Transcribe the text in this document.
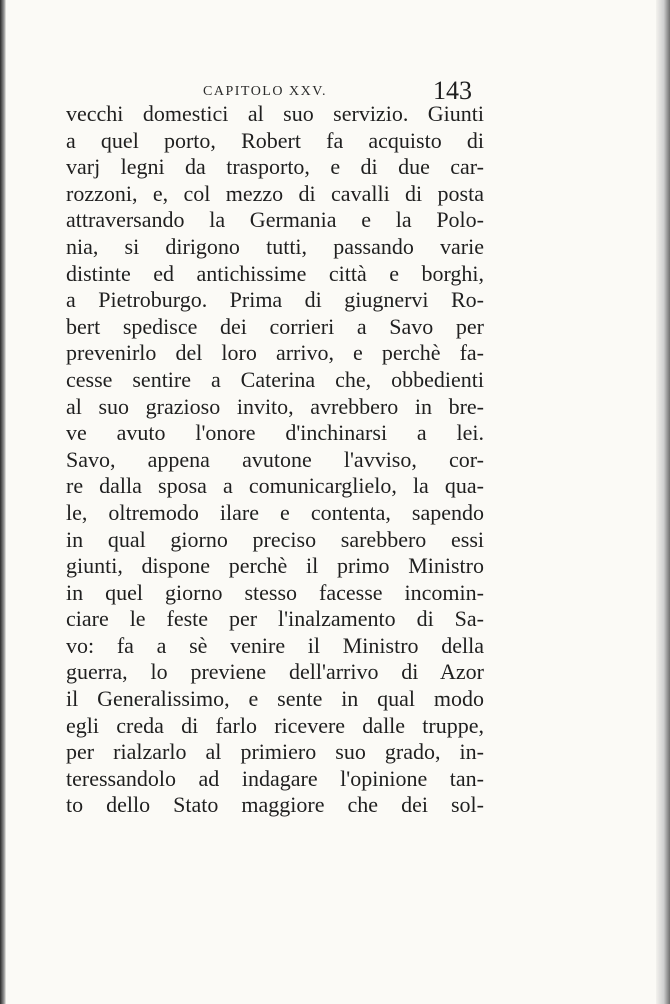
CAPITOLO XXV.	143
vecchi domestici al suo servizio. Giunti
a quel porto, Robert fa acquisto di
varj legni da trasporto, e di due car-
rozzoni, e, col mezzo di cavalli di posta
attraversando la Germania e la Polo-
nia, si dirigono tutti, passando varie
distinte ed antichissime città e borghi,
a Pietroburgo. Prima di giugnervi Ro-
bert spedisce dei corrieri a Savo per
prevenirlo del loro arrivo, e perchè fa-
cesse sentire a Caterina che, obbedienti
al suo grazioso invito, avrebbero in bre-
ve avuto l'onore d'inchinarsi a lei.
Savo, appena avutone l'avviso, cor-
re dalla sposa a comunicarglielo, la qua-
le, oltremodo ilare e contenta, sapendo
in qual giorno preciso sarebbero essi
giunti, dispone perchè il primo Ministro
in quel giorno stesso facesse incomin-
ciare le feste per l'inalzamento di Sa-
vo: fa a sè venire il Ministro della
guerra, lo previene dell'arrivo di Azor
il Generalissimo, e sente in qual modo
egli creda di farlo ricevere dalle truppe,
per rialzarlo al primiero suo grado, in-
teressandolo ad indagare l'opinione tan-
to dello Stato maggiore che dei sol-
